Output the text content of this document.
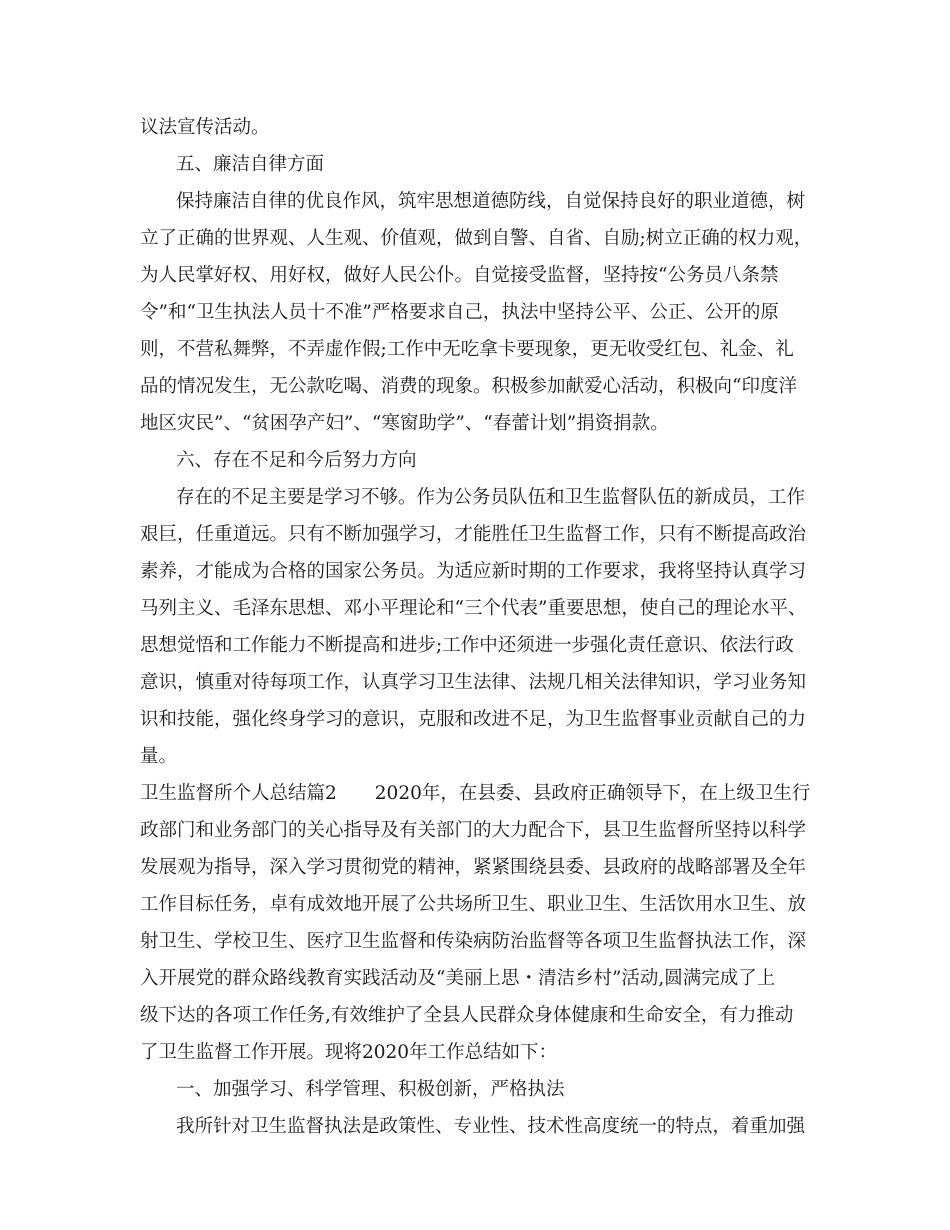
议法宣传活动。
五、廉洁自律方面
保持廉洁自律的优良作风，筑牢思想道德防线，自觉保持良好的职业道德，树
立了正确的世界观、人生观、价值观，做到自警、自省、自励;树立正确的权力观，
为人民掌好权、用好权，做好人民公仆。自觉接受监督，坚持按“公务员八条禁
令”和“卫生执法人员十不准”严格要求自己，执法中坚持公平、公正、公开的原
则，不营私舞弊，不弄虚作假;工作中无吃拿卡要现象，更无收受红包、礼金、礼
品的情况发生，无公款吃喝、消费的现象。积极参加献爱心活动，积极向“印度洋
地区灾民”、“贫困孕产妇”、“寒窗助学”、“春蕾计划”捐资捐款。
六、存在不足和今后努力方向
存在的不足主要是学习不够。作为公务员队伍和卫生监督队伍的新成员，工作
艰巨，任重道远。只有不断加强学习，才能胜任卫生监督工作，只有不断提高政治
素养，才能成为合格的国家公务员。为适应新时期的工作要求，我将坚持认真学习
马列主义、毛泽东思想、邓小平理论和“三个代表”重要思想，使自己的理论水平、
思想觉悟和工作能力不断提高和进步;工作中还须进一步强化责任意识、依法行政
意识，慎重对待每项工作，认真学习卫生法律、法规几相关法律知识，学习业务知
识和技能，强化终身学习的意识，克服和改进不足，为卫生监督事业贡献自己的力
量。
卫生监督所个人总结篇2 2020年，在县委、县政府正确领导下，在上级卫生行
政部门和业务部门的关心指导及有关部门的大力配合下，县卫生监督所坚持以科学
发展观为指导，深入学习贯彻党的精神，紧紧围绕县委、县政府的战略部署及全年
工作目标任务，卓有成效地开展了公共场所卫生、职业卫生、生活饮用水卫生、放
射卫生、学校卫生、医疗卫生监督和传染病防治监督等各项卫生监督执法工作，深
入开展党的群众路线教育实践活动及“美丽上思・清洁乡村”活动,圆满完成了上
级下达的各项工作任务,有效维护了全县人民群众身体健康和生命安全，有力推动
了卫生监督工作开展。现将2020年工作总结如下：
一、加强学习、科学管理、积极创新，严格执法
我所针对卫生监督执法是政策性、专业性、技术性高度统一的特点，着重加强
